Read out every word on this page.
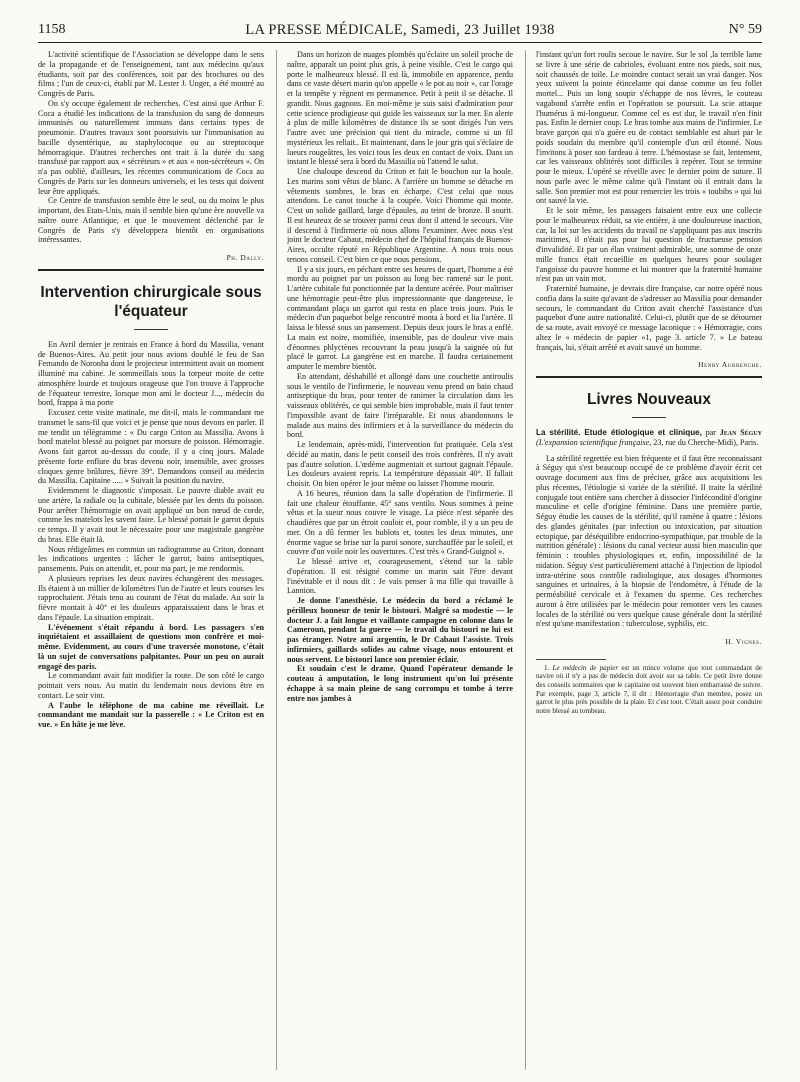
1158	LA PRESSE MÉDICALE, Samedi, 23 Juillet 1938	N° 59

L'activité scientifique de l'Association se développe dans le sens de la propagande et de l'enseignement, tant aux médecins qu'aux étudiants, soit par des conférences, soit par des brochures ou des films ; l'un de ceux-ci, établi par M. Lester J. Unger, a été montré au Congrès de Paris.

On s'y occupe également de recherches. C'est ainsi que Arthur F. Coca a étudié les indications de la transfusion du sang de donneurs immunisés ou naturellement immuns dans certains types de pneumonie. D'autres travaux sont poursuivis sur l'immunisation au bacille dysentérique, au staphylocoque ou au streptocoque hémorragique. D'autres recherches ont trait à la durée du sang transfusé par rapport aux « sécréteurs » et aux « non-sécréteurs ». On n'a pas oublié, d'ailleurs, les récentes communications de Coca au Congrès de Paris sur les donneurs universels, et les tests qui doivent leur être appliqués.

Ce Centre de transfusion semble être le seul, ou du moins le plus important, des Etats-Unis, mais il semble bien qu'une ère nouvelle va naître outre Atlantique, et que le mouvement déclenché par le Congrès de Paris s'y développera bientôt en organisations intéressantes.

Ph. Dally.
Intervention chirurgicale sous l'équateur

En Avril dernier je rentrais en France à bord du Massilia, venant de Buenos-Aires. Au petit jour nous avions doublé le feu de San Fernando de Noronha dont le projecteur intermittent avait un moment illuminé ma cabine. Je sommeillais sous la torpeur moite de cette atmosphère lourde et toujours orageuse que l'on trouve à l'approche de l'équateur terrestre, lorsque mon ami le docteur J..., médecin du bord, frappa à ma porte

Excusez cette visite matinale, me dit-il, mais le commandant me transmet le sans-fil que voici et je pense que nous devons en parler. Il me tendit un télégramme : « Du cargo Criton au Massilia. Avons à bord matelot blessé au poignet par morsure de poisson. Hémorragie. Avons fait garrot au-dessus du coude, il y a cinq jours. Malade présente forte enflure du bras devenu noir, insensible, avec grosses cloques genre brûlures, fièvre 39°. Demandons conseil au médecin du Massilia. Capitaine ..... » Suivait la position du navire.

Evidemment le diagnostic s'imposait. Le pauvre diable avait eu une artère, la radiale ou la cubitale, blessée par les dents du poisson. Pour arrêter l'hémorragie on avait appliqué un bon nœud de corde, comme les matelots les savent faire. Le blessé portait le garrot depuis ce temps. Il y avait tout le nécessaire pour une magistrale gangrène du bras. Elle était là.

Nous rédigeâmes en commun un radiogramme au Criton, donnant les indications urgentes : lâcher le garrot, bains antiseptiques, pansements. Puis on attendit, et, pour ma part, je me rendormis.

A plusieurs reprises les deux navires échangèrent des messages. Ils étaient à un millier de kilomètres l'un de l'autre et leurs courses les rapprochaient. J'étais tenu au courant de l'état du malade. Au soir la fièvre montait à 40° et les douleurs apparaissaient dans le bras et dans l'épaule. La situation empirait.

L'événement s'était répandu à bord. Les passagers s'en inquiétaient et assaillaient de questions mon confrère et moi-même. Evidemment, au cours d'une traversée monotone, c'était là un sujet de conversations palpitantes. Pour un peu on aurait engagé des paris.

Le commandant avait fait modifier la route. De son côté le cargo pointait vers nous. Au matin du lendemain nous devions être en contact. Le soir vint.

A l'aube le téléphone de ma cabine me réveillait. Le commandant me mandait sur la passerelle : « Le Criton est en vue. » En hâte je me lève.

Dans un horizon de nuages plombés qu'éclaire un soleil proche de naître, apparaît un point plus gris, à peine visible. C'est le cargo qui porte le malheureux blessé. Il est là, immobile en apparence, perdu dans ce vaste désert marin qu'on appelle « le pot au noir », car l'orage et la tempête y règnent en permanence. Petit à petit il se détache. Il grandit. Nous gagnons. En moi-même je suis saisi d'admiration pour cette science prodigieuse qui guide les vaisseaux sur la mer. En alerte à plus de mille kilomètres de distance ils se sont dirigés l'un vers l'autre avec une précision qui tient du miracle, comme si un fil mystérieux les reliait.. Et maintenant, dans le jour gris qui s'éclaire de lueurs rougeâtres, les voici tous les deux en contact de voix. Dans un instant le blessé sera à bord du Massilia où l'attend le salut.

Une chaloupe descend du Criton et fait le bouchon sur la houle. Les marins sont vêtus de blanc. A l'arrière un homme se détache en vêtements sombres, le bras en écharpe. C'est celui que nous attendons. Le canot touche à la coupée. Voici l'homme qui monte. C'est un solide gaillard, large d'épaules, au teint de bronze. Il sourit. Il est heureux de se trouver parmi ceux dont il attend le secours. Vite il descend à l'infirmerie où nous allons l'examiner. Avec nous s'est joint le docteur Cabaut, médecin chef de l'hôpital français de Buenos-Aires, occulte réputé en République Argentine. A nous trois nous tenons conseil. C'est bien ce que nous pensions.

Il y a six jours, en péchant entre ses heures de quart, l'homme a été mordu au poignet par un poisson au long bec ramené sur le pont. L'artère cubitale fut ponctionnée par la denture acérée. Pour maîtriser une hémorragie peut-être plus impressionnante que dangereuse, le commandant plaça un garrot qui resta en place trois jours. Puis le médecin d'un paquebot belge rencontré monta à bord et lia l'artère. Il laissa le blessé sous un pansement. Depuis deux jours le bras a enflé. La main est noire, momifiée, insensible, pas de douleur vive mais d'énormes phlyctènes recouvrant la peau jusqu'à la saignée où fut placé le garrot. La gangrène est en marche. Il faudra certainement amputer le membre bientôt.

En attendant, déshabillé et allongé dans une couchette antiroulis sous le ventilo de l'infirmerie, le nouveau venu prend un bain chaud antiseptique du bras, pour tenter de ranimer la circulation dans les vaisseaux oblitérés, ce qui semble bien improbable, mais il faut tenter l'impossible avant de faire l'irréparable. Et nous abandonnons le malade aux mains des infirmiers et à la surveillance du médecin du bord.

Le lendemain, après-midi, l'intervention fut pratiquée. Cela s'est décidé au matin, dans le petit conseil des trois confrères. Il n'y avait pas d'autre solution. L'œdème augmentait et surtout gagnait l'épaule. Les douleurs avaient repris. La température dépassait 40°. Il fallait choisir. On bien opérer le jour même ou laisser l'homme mourir.

A 16 heures, réunion dans la salle d'opération de l'infirmerie. Il fait une chaleur étouffante. 45° sans ventilo. Nous sommes à peine vêtus et la sueur nous couvre le visage. La pièce n'est séparée des chaudières que par un étroit couloir et, pour comble, il y a un peu de mer. On a dû fermer les hublots et, toutes les deux minutes, une énorme vague se brise sur la paroi sonore, surchauffée par le soleil, et couvre d'un voile noir les ouvertures. C'est très « Grand-Guignol ».

Le blessé arrive et, courageusement, s'étend sur la table d'opération. Il est résigné comme un marin sait l'être devant l'inévitable et il nous dit : Je vais penser à ma fille qui travaille à Lannion.

Je donne l'anesthésie. Le médecin du bord a réclamé le périlleux honneur de tenir le bistouri. Malgré sa modestie — le docteur J. a fait longue et vaillante campagne en colonne dans le Cameroun, pendant la guerre — le travail du bistouri ne lui est pas étranger. Notre ami argentin, le Dr Cabaut l'assiste. Trois infirmiers, gaillards solides au calme visage, nous entourent et nous servent. Le bistouri lance son premier éclair.

Et soudain c'est le drame. Quand l'opérateur demande le couteau à amputation, le long instrument qu'on lui présente échappe à sa main pleine de sang corrompu et tombe à terre entre nos jambes à

l'instant qu'un fort roulis secoue le navire. Sur le sol ,la terrible lame se livre à une série de cabrioles, évoluant entre nos pieds, soit nus, soit chaussés de toile. Le moindre contact serait un vrai danger. Nos yeux suivent la pointe étincelante qui danse comme un feu follet mortel... Puis un long soupir s'échappe de nos lèvres, le couteau vagabond s'arrête enfin et l'opération se poursuit. La scie attaque l'humérus à mi-longueur. Comme cel es est dur, le travail n'en finit pas. Enfin le dernier coup. Le bras tombe aux mains de l'infirmier. Le brave garçon qui n'a guère eu de contact semblable est ahuri par le poids soudain du membre qu'il contemple d'un œil étonné. Nous l'invitons à poser son fardeau à terre. L'hémostase se fait, lentement, car les vaisseaux oblitérés sont difficiles à repérer. Tout se termine pour le mieux. L'opéré se réveille avec le dernier point de suture. Il nous parle avec le même calme qu'à l'instant où il entrait dans la salle. Son premier mot est pour remercier les trois « toubibs » qui lui ont sauvé la vie.

Et le soir même, les passagers faisaient entre eux une collecte pour le malheureux réduit, sa vie entière, à une douloureuse inaction, car, la loi sur les accidents du travail ne s'appliquant pas aux inscrits maritimes, il n'était pas pour lui question de fructueuse pension d'invalidité. Et par un élan vraiment admirable, une somme de onze mille francs était recueillie en quelques heures pour soulager l'angoisse du pauvre homme et lui montrer que la fraternité humaine n'est pas un vain mot.

Fraternité humaine, je devrais dire française, car notre opéré nous confia dans la suite qu'avant de s'adresser au Massilia pour demander secours, le commandant du Criton avait cherché l'assistance d'un paquebot d'une autre nationalité. Celui-ci, plutôt que de se détourner de sa route, avait envoyé ce message laconique : « Hémorragie, cons altez le « médecin de papier »1, page 3. article 7. » Le bateau français, lui, s'était arrêté et avait sauvé un homme.

Henry Aubrenche.
Livres Nouveaux

La stérilité. Etude étiologique et clinique, par Jean Séguy (L'expansion scientifique française, 23, rue du Cherche-Midi), Paris.

La stérilité regrettée est bien fréquente et il faut être reconnaissant à Séguy qui s'est beaucoup occupé de ce problème d'avoir écrit cet ouvrage document aux fins de préciser, grâce aux acquisitions les plus récentes, l'étiologie si variée de la stérilité. Il traite la stérilité conjugale tout entière sans chercher à dissocier l'infécondité d'origine masculine et celle d'origine féminine. Dans une première partie, Séguy étudie les causes de la stérilité, qu'il ramène à quatre : lésions des glandes génitales (par infection ou intoxication, par situation ectopique, par déséquilibre endocrino-sympathique, par trouble de la nutrition générale) : lésions du canal vecteur aussi bien masculin que féminin : troubles physiologiques et, enfin, impossibilité de la nidation. Séguy s'est particulièrement attaché à l'injection de lipiodol intra-utérine sous contrôle radiologique, aux dosages d'hormones sanguines et urinaires, à la biopsie de l'endomètre, à l'étude de la perméabilité cervicale et à l'examen du sperme. Ces recherches auront à être utilisées par le médecin pour remonter vers les causes locales de la stérilité ou vers quelque cause générale dont la stérilité n'est qu'une manifestation : tuberculose, syphilis, etc.

H. Vignes.

1. Le médecin de papier est un mince volume que tout commandant de navire où il n'y a pas de médecin doit avoir sur sa table. Ce petit livre donne des conseils sommaires que le capitaine est souvent bien embarrassé de suivre. Par exemple, page 3, article 7, il dit : Hémorragie d'un membre, posez un garrot le plus près possible de la plaie. Et c'est tout. C'était assez pour conduire notre blessé au tombeau.
